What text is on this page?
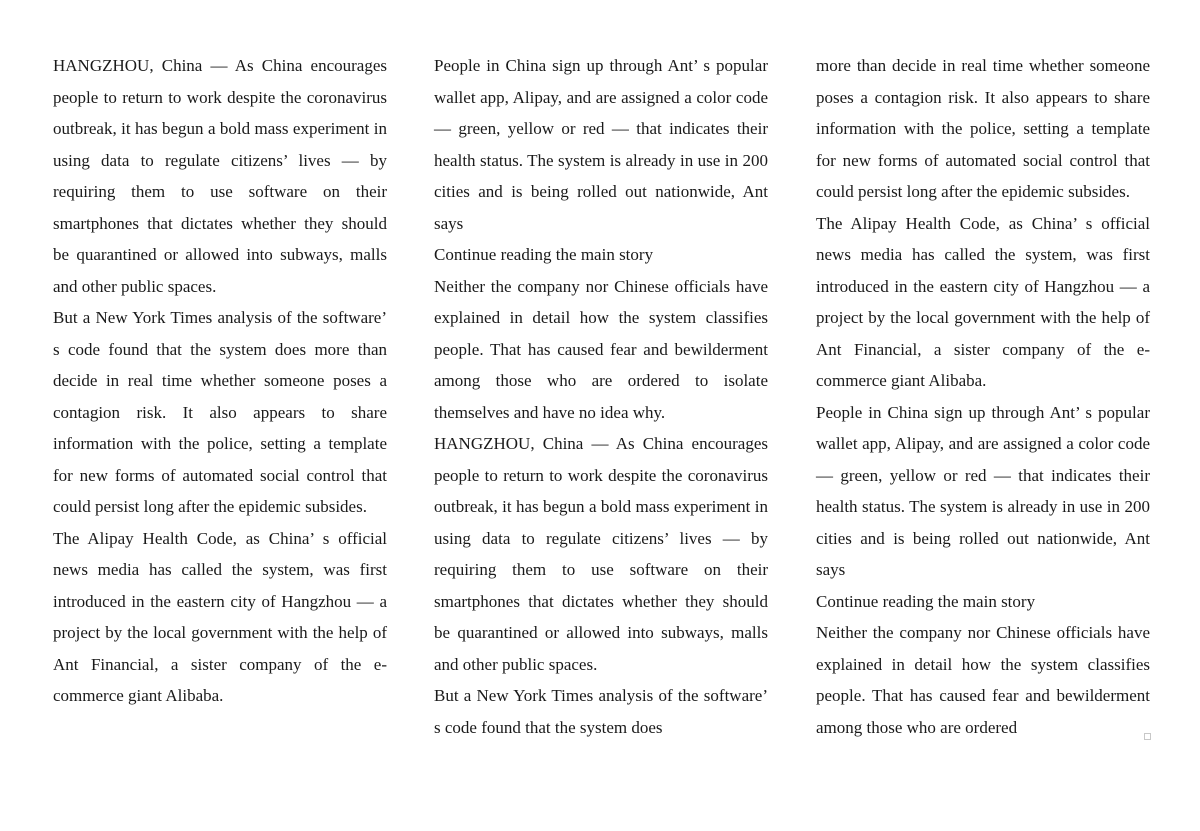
HANGZHOU, China — As China encourages people to return to work despite the coronavirus outbreak, it has begun a bold mass experiment in using data to regulate citizens’ lives — by requiring them to use software on their smartphones that dictates whether they should be quarantined or allowed into subways, malls and other public spaces.

But a New York Times analysis of the software’ s code found that the system does more than decide in real time whether someone poses a contagion risk. It also appears to share information with the police, setting a template for new forms of automated social control that could persist long after the epidemic subsides.

The Alipay Health Code, as China’ s official news media has called the system, was first introduced in the eastern city of Hangzhou — a project by the local government with the help of Ant Financial, a sister company of the e-commerce giant Alibaba.

People in China sign up through Ant’ s popular wallet app, Alipay, and are assigned a color code — green, yellow or red — that indicates their health status. The system is already in use in 200 cities and is being rolled out nationwide, Ant says

Continue reading the main story

Neither the company nor Chinese officials have explained in detail how the system classifies people. That has caused fear and bewilderment among those who are ordered to isolate themselves and have no idea why.

HANGZHOU, China — As China encourages people to return to work despite the coronavirus outbreak, it has begun a bold mass experiment in using data to regulate citizens’ lives — by requiring them to use software on their smartphones that dictates whether they should be quarantined or allowed into subways, malls and other public spaces.

But a New York Times analysis of the software’ s code found that the system does

more than decide in real time whether someone poses a contagion risk. It also appears to share information with the police, setting a template for new forms of automated social control that could persist long after the epidemic subsides.

The Alipay Health Code, as China’ s official news media has called the system, was first introduced in the eastern city of Hangzhou — a project by the local government with the help of Ant Financial, a sister company of the e-commerce giant Alibaba.

People in China sign up through Ant’ s popular wallet app, Alipay, and are assigned a color code — green, yellow or red — that indicates their health status. The system is already in use in 200 cities and is being rolled out nationwide, Ant says

Continue reading the main story

Neither the company nor Chinese officials have explained in detail how the system classifies people. That has caused fear and bewilderment among those who are ordered
